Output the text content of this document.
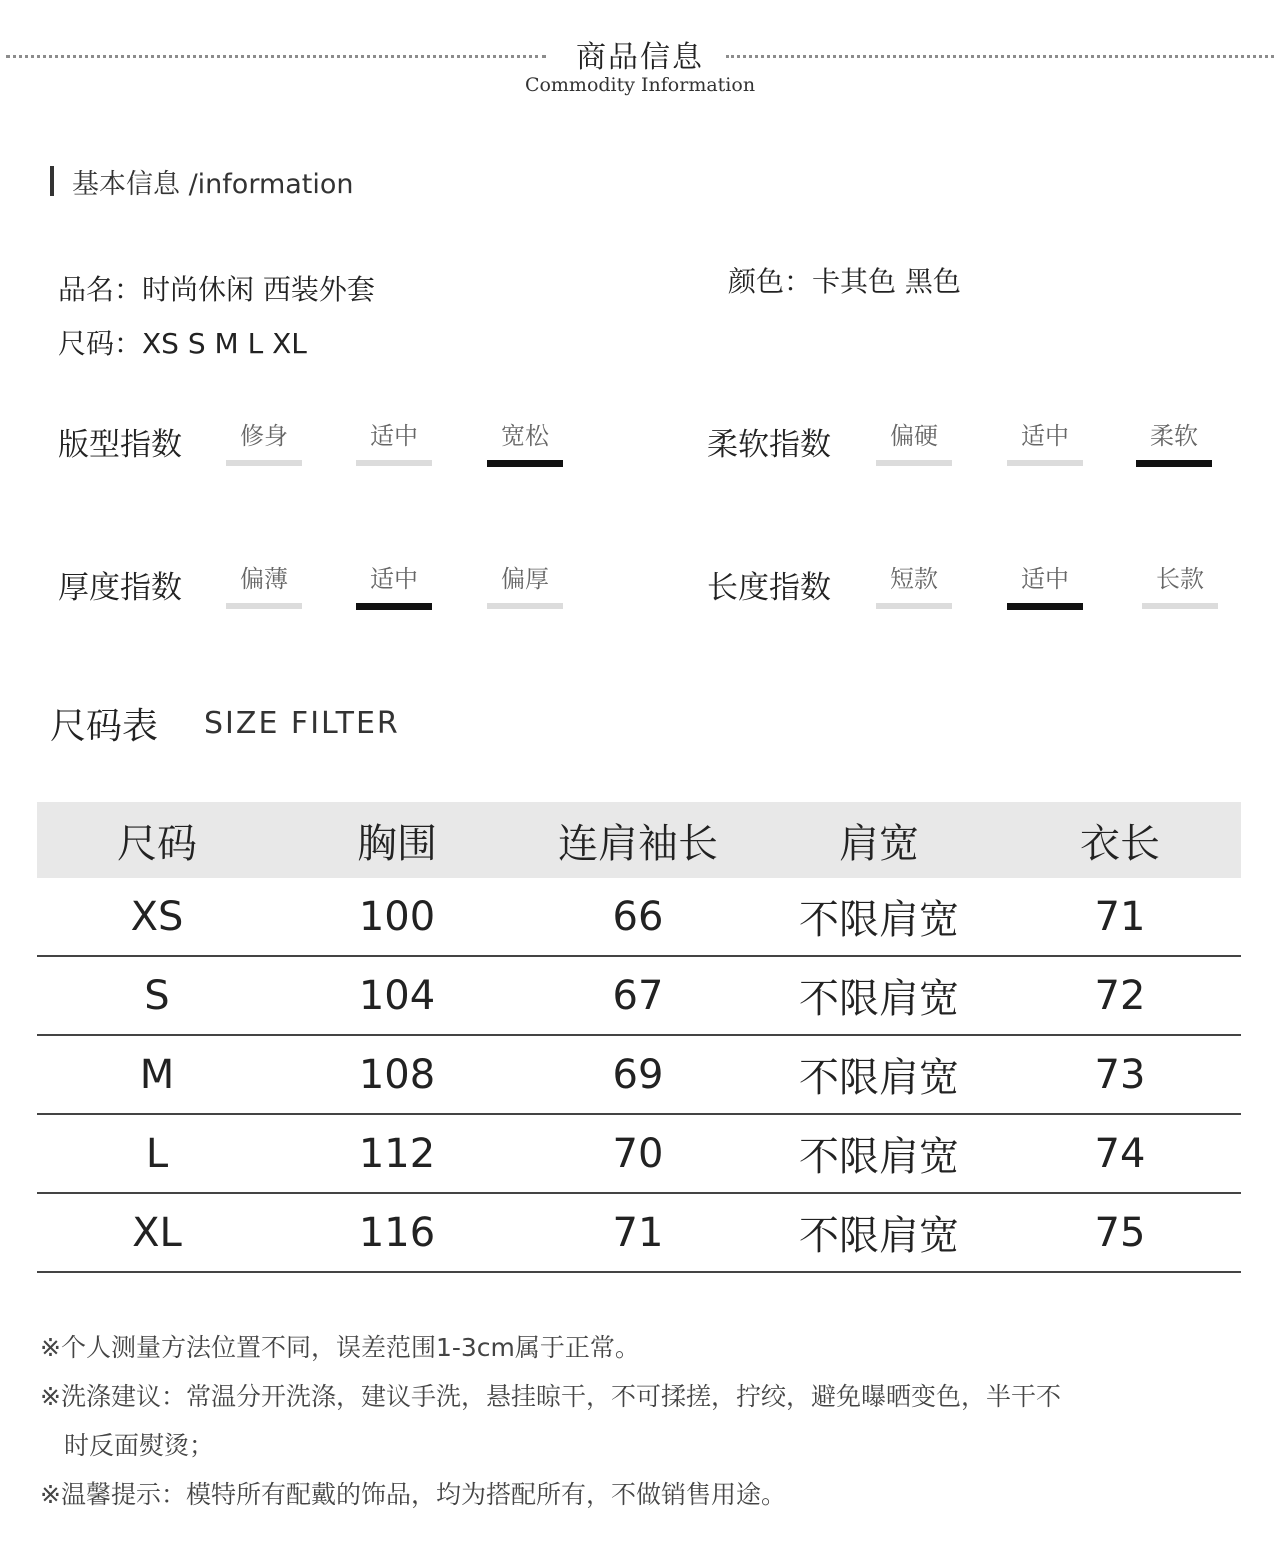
商品信息
Commodity Information
基本信息 /information
品名：时尚休闲 西装外套
尺码：XS S M L XL
颜色：卡其色 黑色
版型指数	修身	适中	宽松	柔软指数	偏硬	适中	柔软
厚度指数	偏薄	适中	偏厚	长度指数	短款	适中	长款
尺码表 SIZE FILTER
尺码	胸围	连肩袖长	肩宽	衣长
XS	100	66	不限肩宽	71
S	104	67	不限肩宽	72
M	108	69	不限肩宽	73
L	112	70	不限肩宽	74
XL	116	71	不限肩宽	75
※个人测量方法位置不同，误差范围1-3cm属于正常。
※洗涤建议：常温分开洗涤，建议手洗，悬挂晾干，不可揉搓，拧绞，避免曝晒变色，半干不
时反面熨烫；
※温馨提示：模特所有配戴的饰品，均为搭配所有，不做销售用途。
